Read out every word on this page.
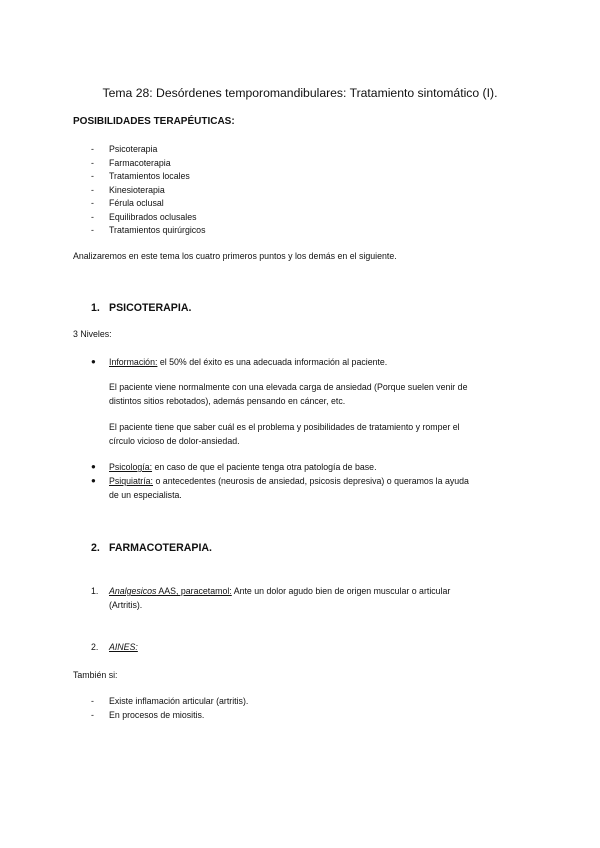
Tema 28: Desórdenes temporomandibulares: Tratamiento sintomático (I).
POSIBILIDADES TERAPÉUTICAS:
- Psicoterapia
- Farmacoterapia
- Tratamientos locales
- Kinesioterapia
- Férula oclusal
- Equilibrados oclusales
- Tratamientos quirúrgicos
Analizaremos en este tema los cuatro primeros puntos y los demás en el siguiente.
1. PSICOTERAPIA.
3 Niveles:
● Información: el 50% del éxito es una adecuada información al paciente.
El paciente viene normalmente con una elevada carga de ansiedad (Porque suelen venir de
distintos sitios rebotados), además pensando en cáncer, etc.
El paciente tiene que saber cuál es el problema y posibilidades de tratamiento y romper el
círculo vicioso de dolor-ansiedad.
● Psicología: en caso de que el paciente tenga otra patología de base.
● Psiquiatría: o antecedentes (neurosis de ansiedad, psicosis depresiva) o queramos la ayuda
de un especialista.
2. FARMACOTERAPIA.
1. Analgesicos AAS, paracetamol: Ante un dolor agudo bien de origen muscular o articular
(Artritis).
2. AINES:
También si:
- Existe inflamación articular (artritis).
- En procesos de miositis.
